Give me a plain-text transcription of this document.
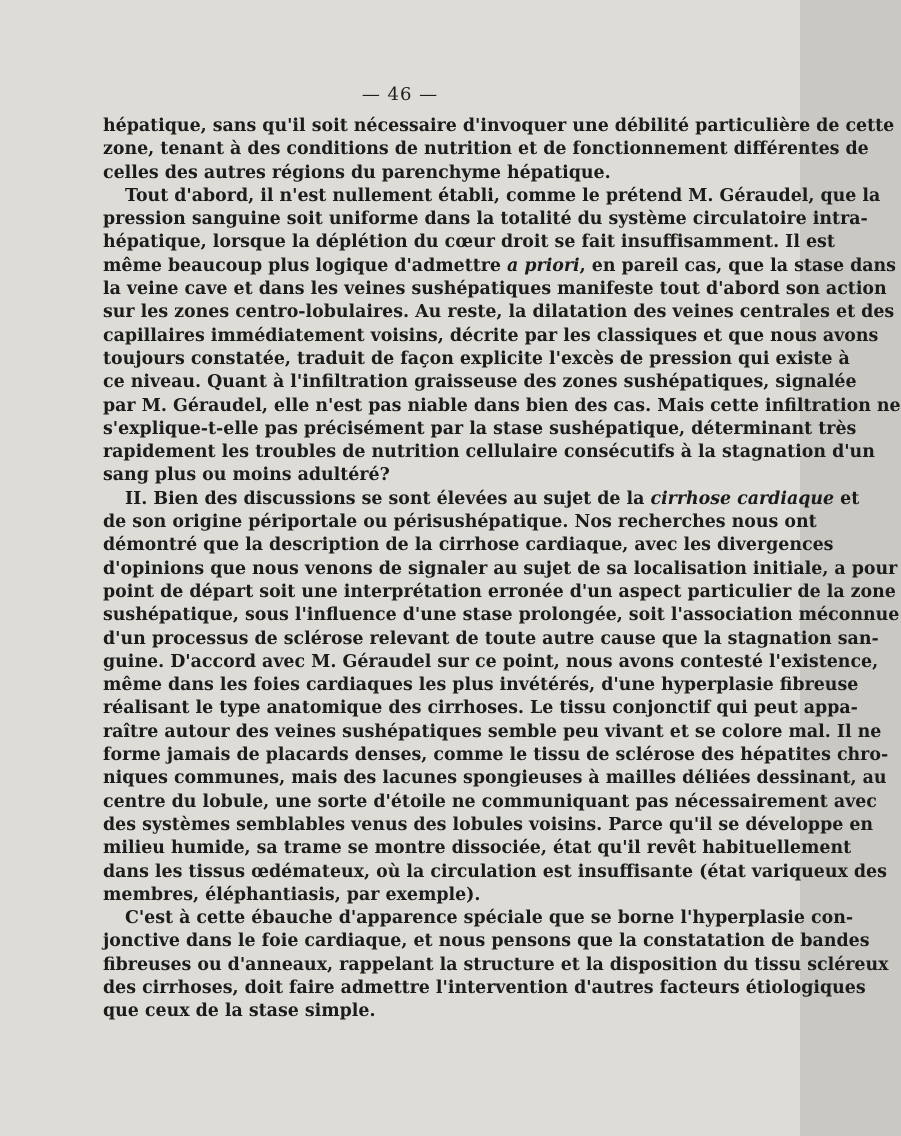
— 46 —
hépatique, sans qu'il soit nécessaire d'invoquer une débilité particulière de cette
zone, tenant à des conditions de nutrition et de fonctionnement différentes de
celles des autres régions du parenchyme hépatique.
Tout d'abord, il n'est nullement établi, comme le prétend M. Géraudel, que la
pression sanguine soit uniforme dans la totalité du système circulatoire intra-
hépatique, lorsque la déplétion du cœur droit se fait insuffisamment. Il est
même beaucoup plus logique d'admettre a priori, en pareil cas, que la stase dans
la veine cave et dans les veines sushépatiques manifeste tout d'abord son action
sur les zones centro-lobulaires. Au reste, la dilatation des veines centrales et des
capillaires immédiatement voisins, décrite par les classiques et que nous avons
toujours constatée, traduit de façon explicite l'excès de pression qui existe à
ce niveau. Quant à l'infiltration graisseuse des zones sushépatiques, signalée
par M. Géraudel, elle n'est pas niable dans bien des cas. Mais cette infiltration ne
s'explique-t-elle pas précisément par la stase sushépatique, déterminant très
rapidement les troubles de nutrition cellulaire consécutifs à la stagnation d'un
sang plus ou moins adultéré?
II. Bien des discussions se sont élevées au sujet de la cirrhose cardiaque et
de son origine périportale ou périsushépatique. Nos recherches nous ont
démontré que la description de la cirrhose cardiaque, avec les divergences
d'opinions que nous venons de signaler au sujet de sa localisation initiale, a pour
point de départ soit une interprétation erronée d'un aspect particulier de la zone
sushépatique, sous l'influence d'une stase prolongée, soit l'association méconnue
d'un processus de sclérose relevant de toute autre cause que la stagnation san-
guine. D'accord avec M. Géraudel sur ce point, nous avons contesté l'existence,
même dans les foies cardiaques les plus invétérés, d'une hyperplasie fibreuse
réalisant le type anatomique des cirrhoses. Le tissu conjonctif qui peut appa-
raître autour des veines sushépatiques semble peu vivant et se colore mal. Il ne
forme jamais de placards denses, comme le tissu de sclérose des hépatites chro-
niques communes, mais des lacunes spongieuses à mailles déliées dessinant, au
centre du lobule, une sorte d'étoile ne communiquant pas nécessairement avec
des systèmes semblables venus des lobules voisins. Parce qu'il se développe en
milieu humide, sa trame se montre dissociée, état qu'il revêt habituellement
dans les tissus œdémateux, où la circulation est insuffisante (état variqueux des
membres, éléphantiasis, par exemple).
C'est à cette ébauche d'apparence spéciale que se borne l'hyperplasie con-
jonctive dans le foie cardiaque, et nous pensons que la constatation de bandes
fibreuses ou d'anneaux, rappelant la structure et la disposition du tissu scléreux
des cirrhoses, doit faire admettre l'intervention d'autres facteurs étiologiques
que ceux de la stase simple.
